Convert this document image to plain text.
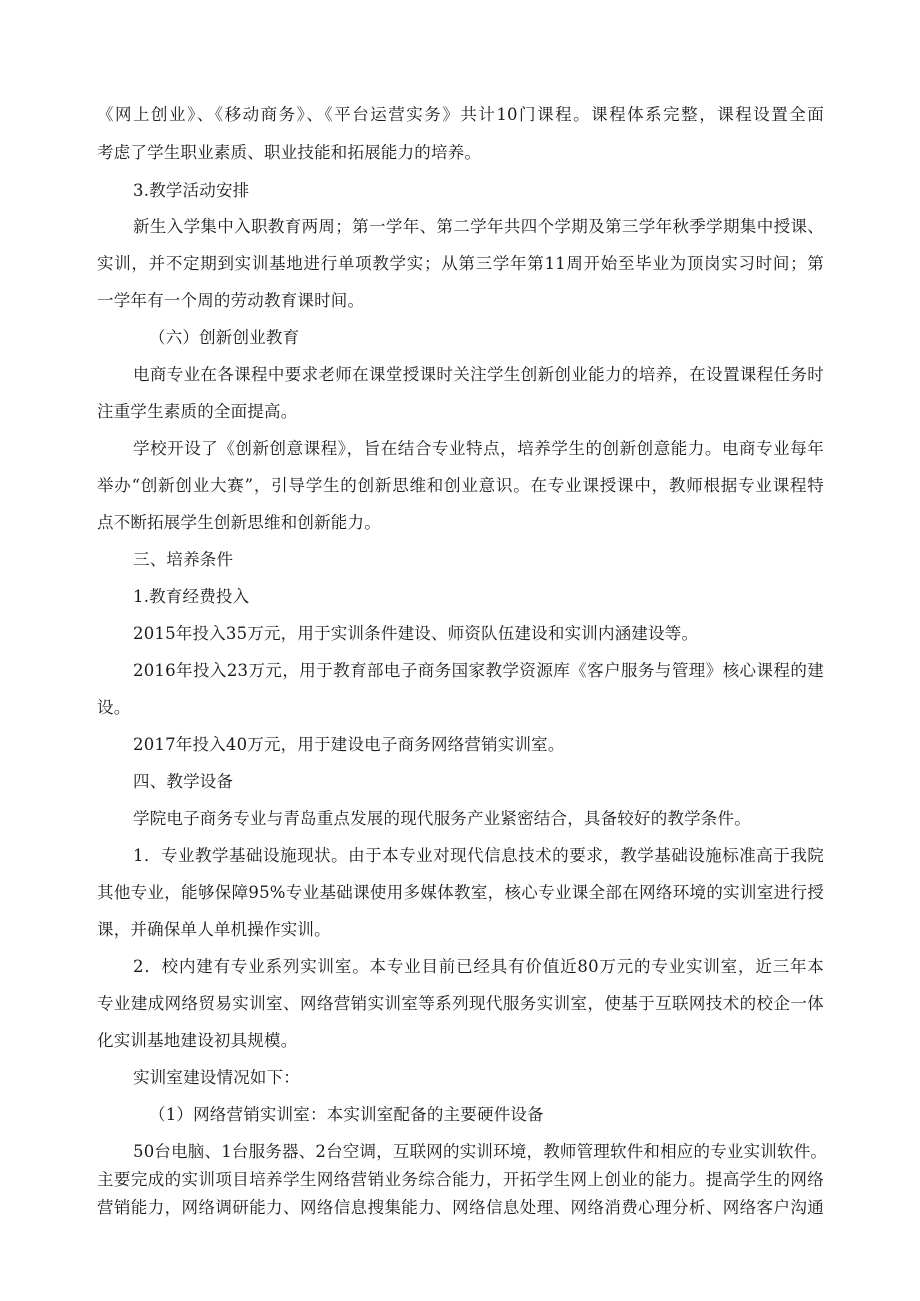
《网上创业》、《移动商务》、《平台运营实务》共计10门课程。课程体系完整，课程设置全面
考虑了学生职业素质、职业技能和拓展能力的培养。
3.教学活动安排
新生入学集中入职教育两周；第一学年、第二学年共四个学期及第三学年秋季学期集中授课、
实训，并不定期到实训基地进行单项教学实；从第三学年第11周开始至毕业为顶岗实习时间；第
一学年有一个周的劳动教育课时间。
（六）创新创业教育
电商专业在各课程中要求老师在课堂授课时关注学生创新创业能力的培养，在设置课程任务时
注重学生素质的全面提高。
学校开设了《创新创意课程》，旨在结合专业特点，培养学生的创新创意能力。电商专业每年
举办“创新创业大赛”，引导学生的创新思维和创业意识。在专业课授课中，教师根据专业课程特
点不断拓展学生创新思维和创新能力。
三、培养条件
1.教育经费投入
2015年投入35万元，用于实训条件建设、师资队伍建设和实训内涵建设等。
2016年投入23万元，用于教育部电子商务国家教学资源库《客户服务与管理》核心课程的建
设。
2017年投入40万元，用于建设电子商务网络营销实训室。
四、教学设备
学院电子商务专业与青岛重点发展的现代服务产业紧密结合，具备较好的教学条件。
1．专业教学基础设施现状。由于本专业对现代信息技术的要求，教学基础设施标准高于我院
其他专业，能够保障95%专业基础课使用多媒体教室，核心专业课全部在网络环境的实训室进行授
课，并确保单人单机操作实训。
2．校内建有专业系列实训室。本专业目前已经具有价值近80万元的专业实训室，近三年本
专业建成网络贸易实训室、网络营销实训室等系列现代服务实训室，使基于互联网技术的校企一体
化实训基地建设初具规模。
实训室建设情况如下：
（1）网络营销实训室：本实训室配备的主要硬件设备
50台电脑、1台服务器、2台空调，互联网的实训环境，教师管理软件和相应的专业实训软件。
主要完成的实训项目培养学生网络营销业务综合能力，开拓学生网上创业的能力。提高学生的网络
营销能力，网络调研能力、网络信息搜集能力、网络信息处理、网络消费心理分析、网络客户沟通
